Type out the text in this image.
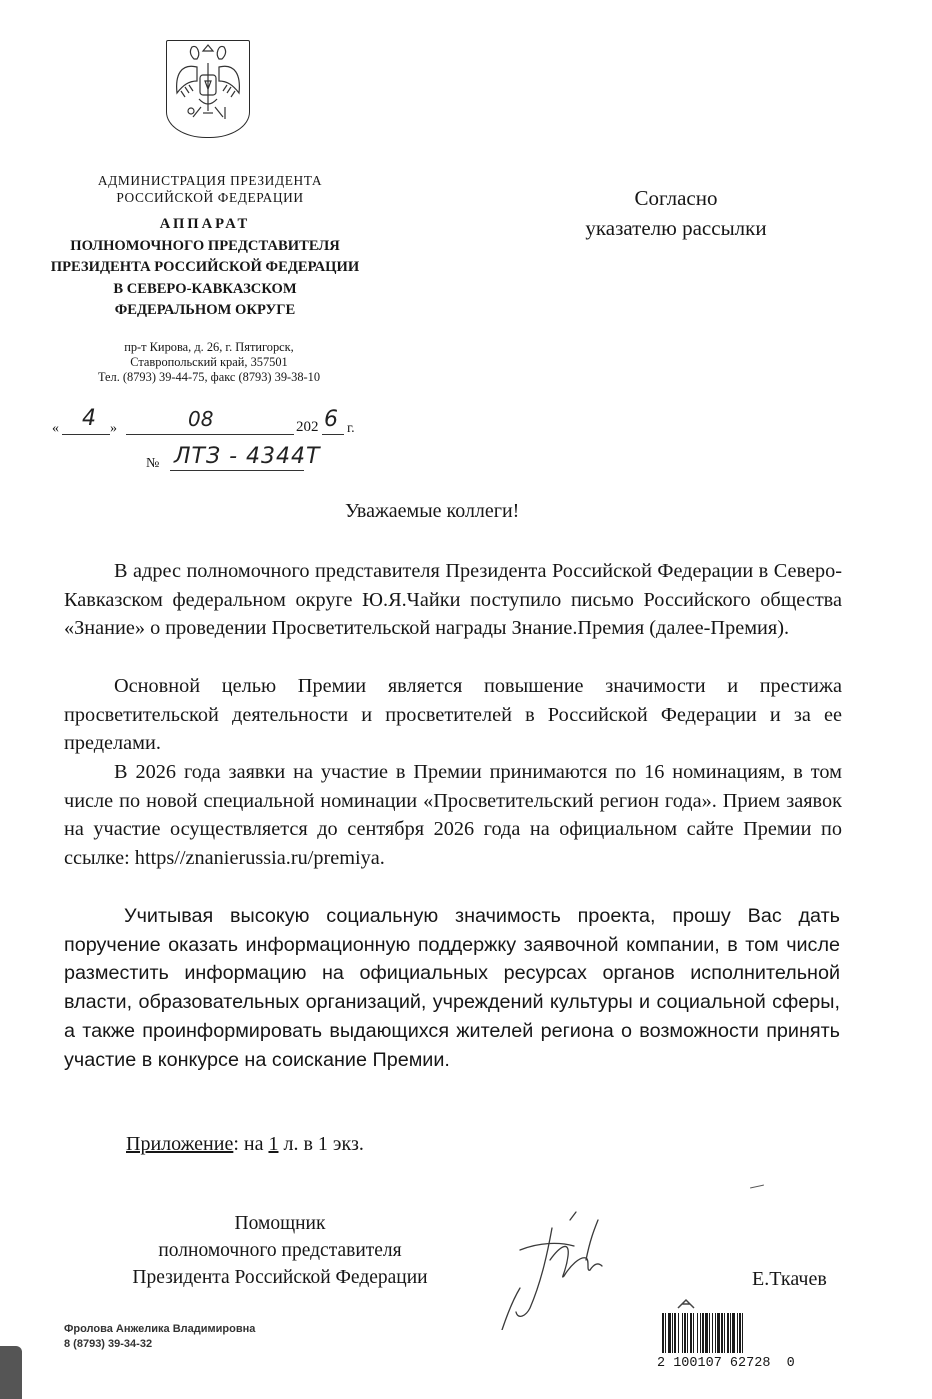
АДМИНИСТРАЦИЯ ПРЕЗИДЕНТА
РОССИЙСКОЙ ФЕДЕРАЦИИ
АППАРАТ
ПОЛНОМОЧНОГО ПРЕДСТАВИТЕЛЯ
ПРЕЗИДЕНТА РОССИЙСКОЙ ФЕДЕРАЦИИ
В СЕВЕРО-КАВКАЗСКОМ
ФЕДЕРАЛЬНОМ ОКРУГЕ
пр-т Кирова, д. 26, г. Пятигорск,
Ставропольский край, 357501
Тел. (8793) 39-44-75, факс (8793) 39-38-10
« 4 »	08	202 6 г.
№ ЛТЗ - 4344Т
Согласно
указателю рассылки
Уважаемые коллеги!
В адрес полномочного представителя Президента Российской Федерации в Северо-Кавказском федеральном округе Ю.Я.Чайки поступило письмо Российского общества «Знание» о проведении Просветительской награды Знание.Премия (далее-Премия).
Основной целью Премии является повышение значимости и престижа просветительской деятельности и просветителей в Российской Федерации и за ее пределами.
В 2026 года заявки на участие в Премии принимаются по 16 номинациям, в том числе по новой специальной номинации «Просветительский регион года». Прием заявок на участие осуществляется до сентября 2026 года на официальном сайте Премии по ссылке: https//znanierussia.ru/premiya.
Учитывая высокую социальную значимость проекта, прошу Вас дать поручение оказать информационную поддержку заявочной компании, в том числе разместить информацию на официальных ресурсах органов исполнительной власти, образовательных организаций, учреждений культуры и социальной сферы, а также проинформировать выдающихся жителей региона о возможности принять участие в конкурсе на соискание Премии.
Приложение: на 1 л. в 1 экз.
Помощник
полномочного представителя
Президента Российской Федерации	Е.Ткачев
Фролова Анжелика Владимировна
8 (8793) 39-34-32
2 100107 62728  0
